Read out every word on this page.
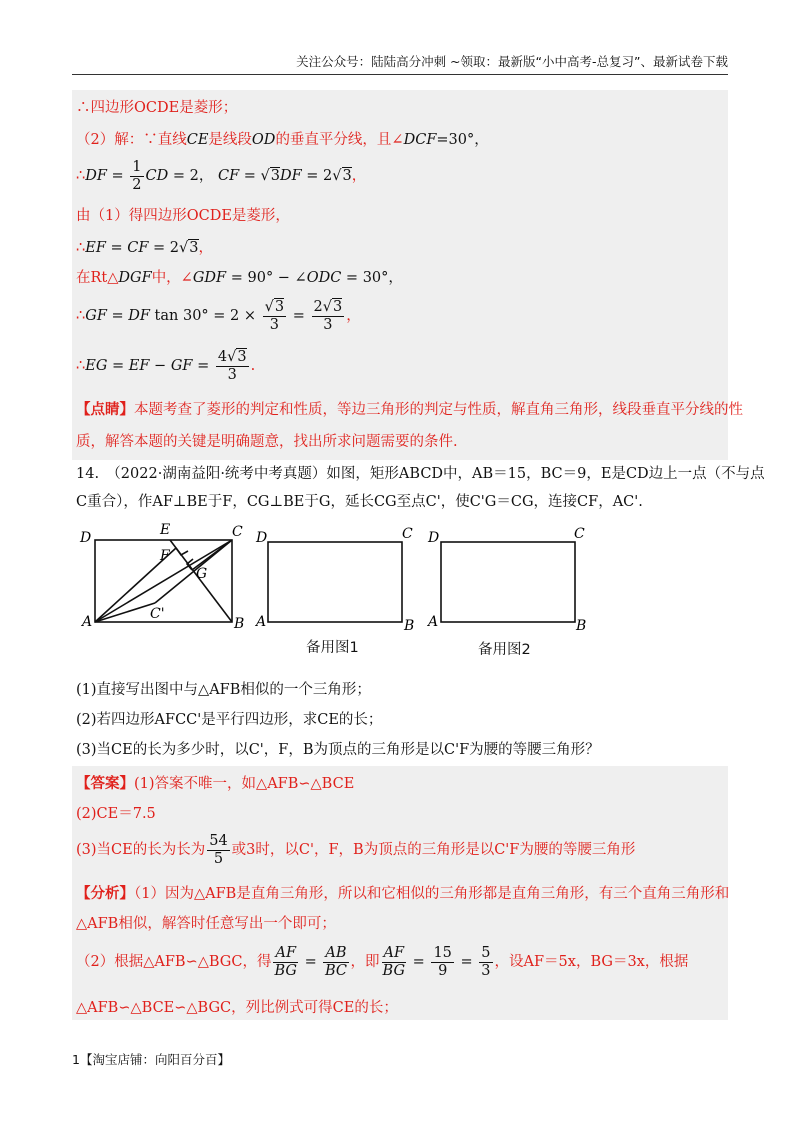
关注公众号：陆陆高分冲刺 ~领取：最新版“小中高考-总复习”、最新试卷下载
∴四边形OCDE是菱形；
（2）解：∵直线CE是线段OD的垂直平分线，且∠DCF=30°，
∴DF = $\frac{1}{2}$ CD = 2， CF = √3DF = 2√3，
由（1）得四边形OCDE是菱形，
∴EF = CF = 2√3，
在Rt△DGF中，∠GDF = 90° − ∠ODC = 30°，
∴GF = DF $\tan 30^\circ = 2 \times \frac{√3}{3} = \frac{2√3}{3}$ ，
∴EG = EF − GF = $\frac{4√3}{3}$ .
【点睛】本题考查了菱形的判定和性质，等边三角形的判定与性质，解直角三角形，线段垂直平分线的性
质，解答本题的关键是明确题意，找出所求问题需要的条件.
14.　（2022·湖南益阳·统考中考真题）如图，矩形ABCD中，AB＝15，BC＝9，E是CD边上一点（不与点
C重合），作AF⊥BE于F，CG⊥BE于G，延长CG至点C'，使C'G＝CG，连接CF，AC'.
D	E	C
F
G
C'
A	B
D	C
A	B
D	C
A	B
备用图1	备用图2
(1)直接写出图中与△AFB相似的一个三角形；
(2)若四边形AFCC'是平行四边形，求CE的长；
(3)当CE的长为多少时，以C'，F，B为顶点的三角形是以C'F为腰的等腰三角形？
【答案】(1)答案不唯一，如△AFB∽△BCE
(2)CE＝7.5
(3)当CE的长为长为 $\frac{54}{5}$ 或3时，以C'，F，B为顶点的三角形是以C'F为腰的等腰三角形
【分析】（1）因为△AFB是直角三角形，所以和它相似的三角形都是直角三角形，有三个直角三角形和
△AFB相似，解答时任意写出一个即可；
（2）根据△AFB∽△BGC，得 $\frac{AF}{BG} = \frac{AB}{BC}$ ，即 $\frac{AF}{BG} = \frac{15}{9} = \frac{5}{3}$ ，设AF＝5x，BG＝3x，根据
△AFB∽△BCE∽△BGC，列比例式可得CE的长；
1【淘宝店铺：向阳百分百】
